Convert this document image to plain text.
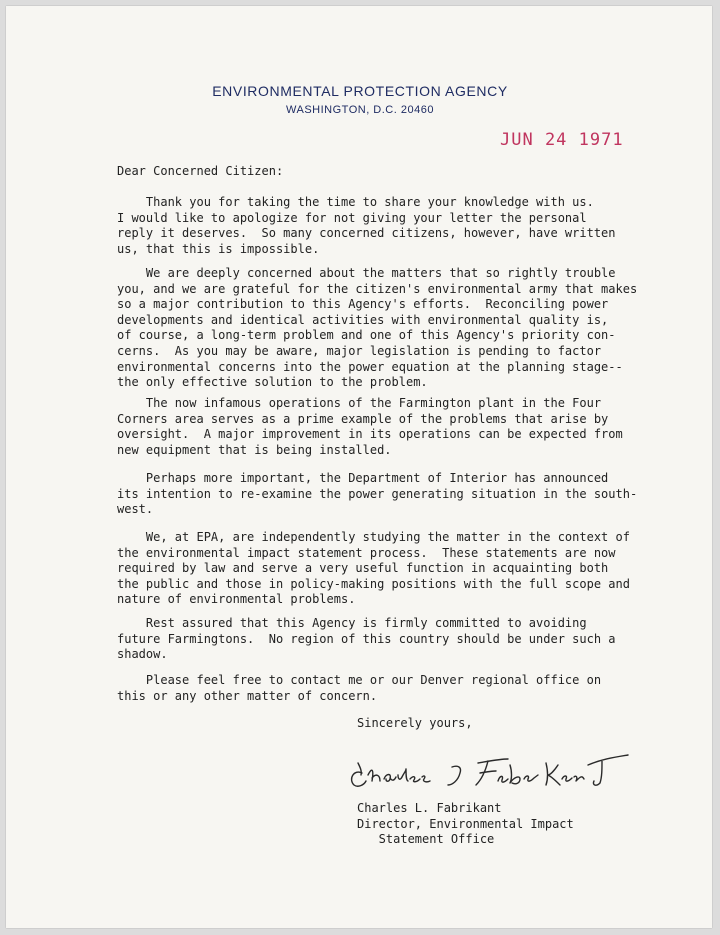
ENVIRONMENTAL PROTECTION AGENCY
WASHINGTON, D.C. 20460
JUN 24 1971
Dear Concerned Citizen:
Thank you for taking the time to share your knowledge with us.
I would like to apologize for not giving your letter the personal
reply it deserves.  So many concerned citizens, however, have written
us, that this is impossible.
We are deeply concerned about the matters that so rightly trouble
you, and we are grateful for the citizen's environmental army that makes
so a major contribution to this Agency's efforts.  Reconciling power
developments and identical activities with environmental quality is,
of course, a long-term problem and one of this Agency's priority con-
cerns.  As you may be aware, major legislation is pending to factor
environmental concerns into the power equation at the planning stage--
the only effective solution to the problem.
The now infamous operations of the Farmington plant in the Four
Corners area serves as a prime example of the problems that arise by
oversight.  A major improvement in its operations can be expected from
new equipment that is being installed.
Perhaps more important, the Department of Interior has announced
its intention to re-examine the power generating situation in the south-
west.
We, at EPA, are independently studying the matter in the context of
the environmental impact statement process.  These statements are now
required by law and serve a very useful function in acquainting both
the public and those in policy-making positions with the full scope and
nature of environmental problems.
Rest assured that this Agency is firmly committed to avoiding
future Farmingtons.  No region of this country should be under such a
shadow.
Please feel free to contact me or our Denver regional office on
this or any other matter of concern.
Sincerely yours,
Charles L. Fabrikant
Director, Environmental Impact
Statement Office
